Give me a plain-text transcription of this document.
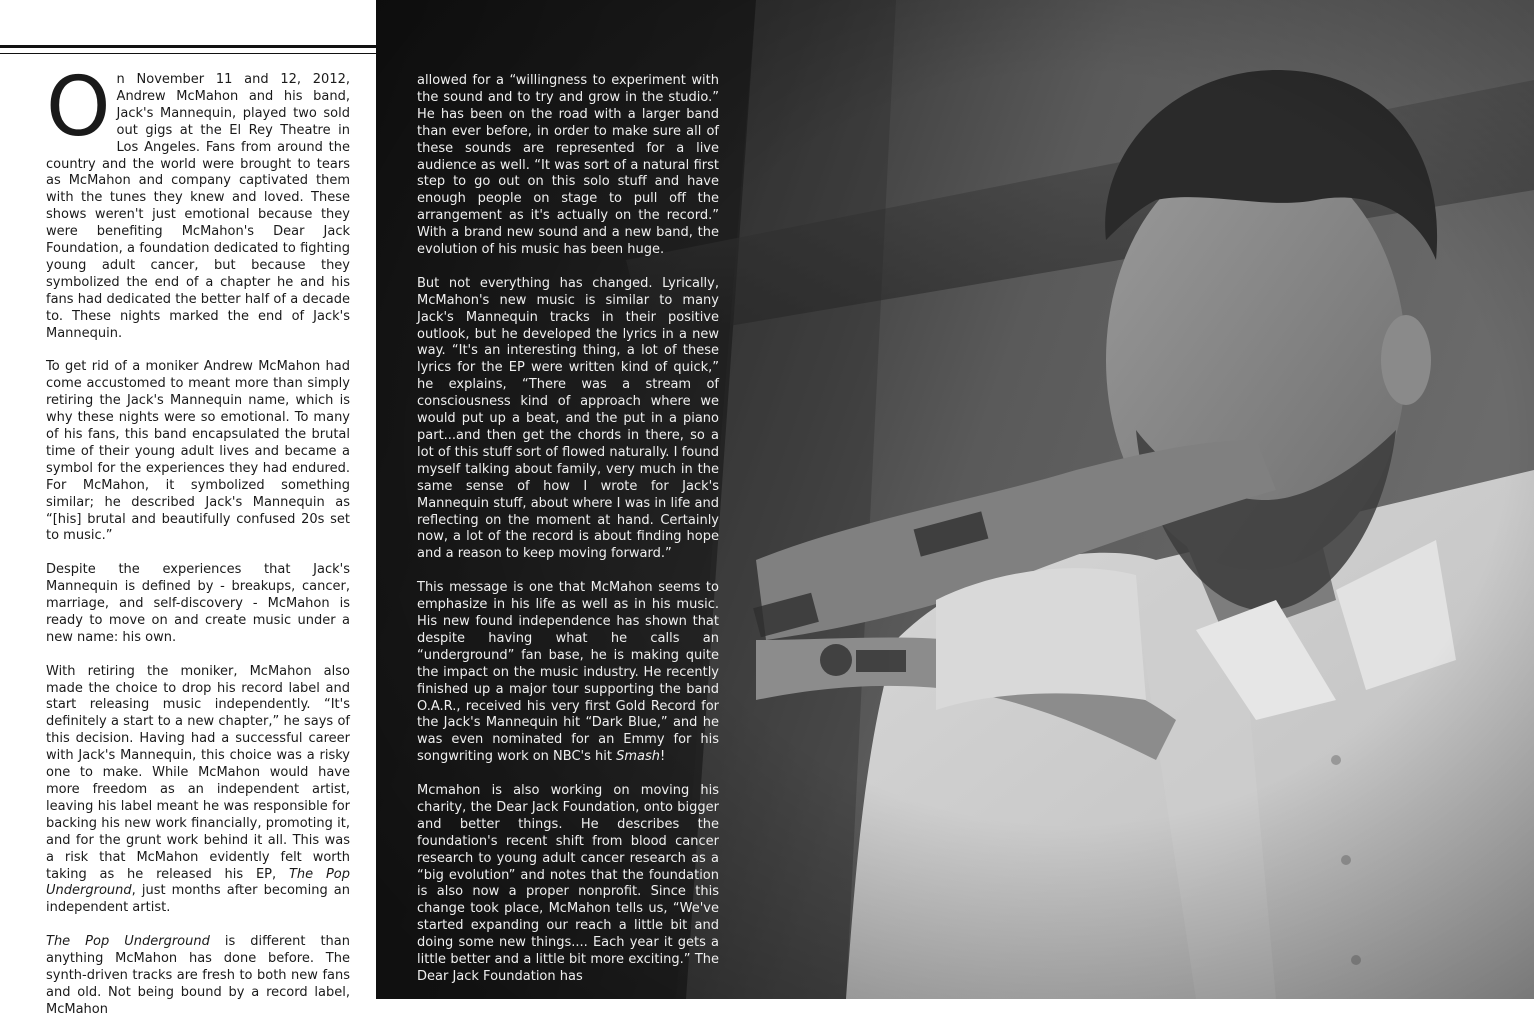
On November 11 and 12, 2012, Andrew McMahon and his band, Jack's Mannequin, played two sold out gigs at the El Rey Theatre in Los Angeles. Fans from around the country and the world were brought to tears as McMahon and company captivated them with the tunes they knew and loved. These shows weren't just emotional because they were benefiting McMahon's Dear Jack Foundation, a foundation dedicated to fighting young adult cancer, but because they symbolized the end of a chapter he and his fans had dedicated the better half of a decade to. These nights marked the end of Jack's Mannequin.

To get rid of a moniker Andrew McMahon had come accustomed to meant more than simply retiring the Jack's Mannequin name, which is why these nights were so emotional. To many of his fans, this band encapsulated the brutal time of their young adult lives and became a symbol for the experiences they had endured. For McMahon, it symbolized something similar; he described Jack's Mannequin as “[his] brutal and beautifully confused 20s set to music.”

Despite the experiences that Jack's Mannequin is defined by - breakups, cancer, marriage, and self-discovery - McMahon is ready to move on and create music under a new name: his own.

With retiring the moniker, McMahon also made the choice to drop his record label and start releasing music independently. “It's definitely a start to a new chapter,” he says of this decision. Having had a successful career with Jack's Mannequin, this choice was a risky one to make. While McMahon would have more freedom as an independent artist, leaving his label meant he was responsible for backing his new work financially, promoting it, and for the grunt work behind it all. This was a risk that McMahon evidently felt worth taking as he released his EP, The Pop Underground, just months after becoming an independent artist.

The Pop Underground is different than anything McMahon has done before. The synth-driven tracks are fresh to both new fans and old. Not being bound by a record label, McMahon

allowed for a “willingness to experiment with the sound and to try and grow in the studio.” He has been on the road with a larger band than ever before, in order to make sure all of these sounds are represented for a live audience as well. “It was sort of a natural first step to go out on this solo stuff and have enough people on stage to pull off the arrangement as it's actually on the record.” With a brand new sound and a new band, the evolution of his music has been huge.

But not everything has changed. Lyrically, McMahon's new music is similar to many Jack's Mannequin tracks in their positive outlook, but he developed the lyrics in a new way. “It's an interesting thing, a lot of these lyrics for the EP were written kind of quick,” he explains, “There was a stream of consciousness kind of approach where we would put up a beat, and the put in a piano part...and then get the chords in there, so a lot of this stuff sort of flowed naturally. I found myself talking about family, very much in the same sense of how I wrote for Jack's Mannequin stuff, about where I was in life and reflecting on the moment at hand. Certainly now, a lot of the record is about finding hope and a reason to keep moving forward.”

This message is one that McMahon seems to emphasize in his life as well as in his music. His new found independence has shown that despite having what he calls an “underground” fan base, he is making quite the impact on the music industry. He recently finished up a major tour supporting the band O.A.R., received his very first Gold Record for the Jack's Mannequin hit “Dark Blue,” and he was even nominated for an Emmy for his songwriting work on NBC's hit Smash!

Mcmahon is also working on moving his charity, the Dear Jack Foundation, onto bigger and better things. He describes the foundation's recent shift from blood cancer research to young adult cancer research as a “big evolution” and notes that the foundation is also now a proper nonprofit. Since this change took place, McMahon tells us, “We've started expanding our reach a little bit and doing some new things.... Each year it gets a little better and a little bit more exciting.” The Dear Jack Foundation has
